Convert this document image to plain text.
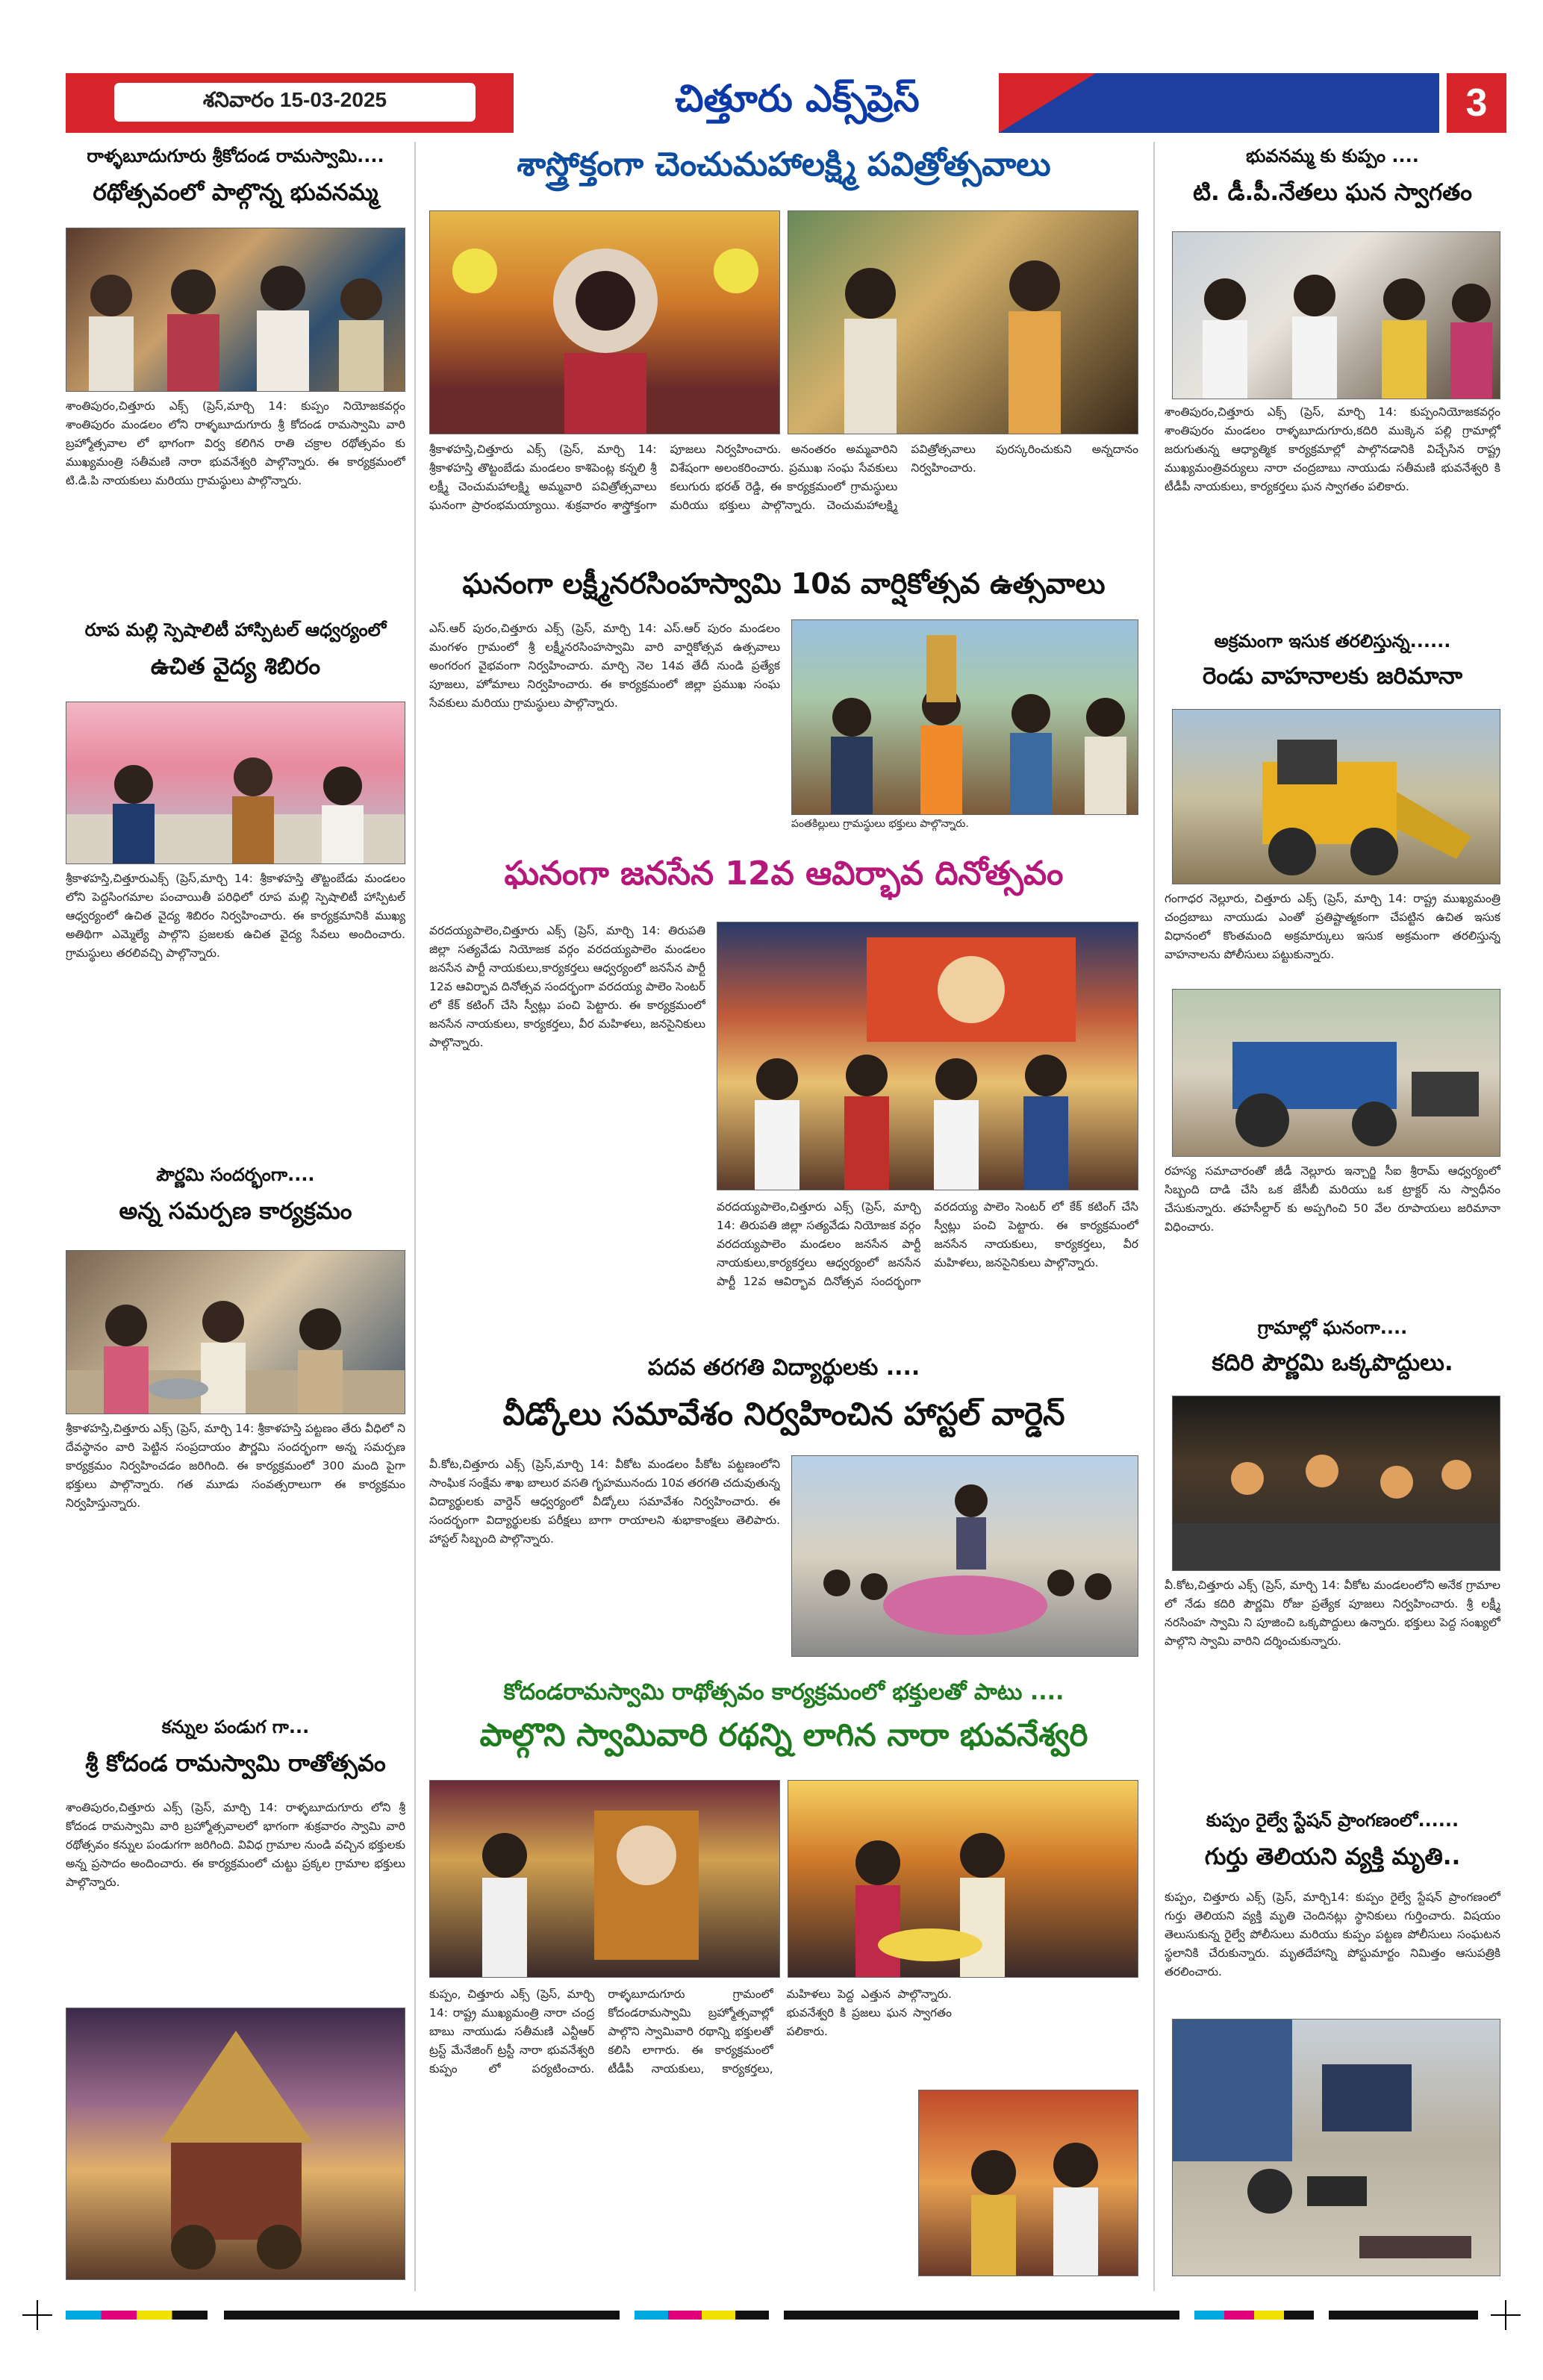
శనివారం 15-03-2025	చిత్తూరు ఎక్స్‌ప్రెస్	3
రాళ్ళబూదుగూరు శ్రీకోదండ రామస్వామి....
రథోత్సవంలో పాల్గొన్న భువనమ్మ
శాంతిపురం,చిత్తూరు ఎక్స్ (ప్రెస్,మార్చి 14: కుప్పం నియోజకవర్గం శాంతిపురం మండలం లోని రాళ్ళబూదుగూరు శ్రీ కోదండ రామస్వామి వారి బ్రహ్మోత్సవాల లో భాగంగా విర్వ కలిగిన రాతి చక్రాల రథోత్సవం కు ముఖ్యమంత్రి సతీమణి నారా భువనేశ్వరి పాల్గొన్నారు. ఈ కార్యక్రమంలో టి.డి.పి నాయకులు మరియు గ్రామస్థులు పాల్గొన్నారు.
రూప మల్లి స్పెషాలిటీ హాస్పిటల్ ఆధ్వర్యంలో
ఉచిత వైద్య శిబిరం
శ్రీకాళహస్తి,చిత్తూరుఎక్స్ (ప్రెస్,మార్చి 14: శ్రీకాళహస్తి తొట్టంబేడు మండలం లోని పెద్దసింగమాల పంచాయితీ పరిధిలో రూప మల్లి స్పెషాలిటీ హాస్పిటల్ ఆధ్వర్యంలో ఉచిత వైద్య శిబిరం నిర్వహించారు. ఈ కార్యక్రమానికి ముఖ్య అతిథిగా ఎమ్మెల్యే పాల్గొని ప్రజలకు ఉచిత వైద్య సేవలు అందించారు. గ్రామస్థులు తరలివచ్చి పాల్గొన్నారు.
పౌర్ణమి సందర్భంగా....
అన్న సమర్పణ కార్యక్రమం
శ్రీకాళహస్తి,చిత్తూరు ఎక్స్ (ప్రెస్, మార్చి 14: శ్రీకాళహస్తి పట్టణం తేరు వీధిలో ని దేవస్థానం వారి పెట్టిన సంప్రదాయం పౌర్ణమి సందర్భంగా అన్న సమర్పణ కార్యక్రమం నిర్వహించడం జరిగింది. ఈ కార్యక్రమంలో 300 మంది పైగా భక్తులు పాల్గొన్నారు. గత మూడు సంవత్సరాలుగా ఈ కార్యక్రమం నిర్వహిస్తున్నారు.
కన్నుల పండుగ గా...
శ్రీ కోదండ రామస్వామి రాతోత్సవం
శాంతిపురం,చిత్తూరు ఎక్స్ (ప్రెస్, మార్చి 14: రాళ్ళబూదుగూరు లోని శ్రీ కోదండ రామస్వామి వారి బ్రహ్మోత్సవాలలో భాగంగా శుక్రవారం స్వామి వారి రథోత్సవం కన్నుల పండుగగా జరిగింది. వివిధ గ్రామాల నుండి వచ్చిన భక్తులకు అన్న ప్రసాదం అందించారు. ఈ కార్యక్రమంలో చుట్టు ప్రక్కల గ్రామాల భక్తులు పాల్గొన్నారు.
శాస్త్రోక్తంగా చెంచుమహాలక్ష్మి పవిత్రోత్సవాలు
శ్రీకాళహస్తి,చిత్తూరు ఎక్స్ (ప్రెస్, మార్చి 14: శ్రీకాళహస్తి తొట్టంబేడు మండలం కాశిపెంట్ల కన్నలి శ్రీ లక్ష్మీ చెంచుమహాలక్ష్మి అమ్మవారి పవిత్రోత్సవాలు ఘనంగా ప్రారంభమయ్యాయి. శుక్రవారం శాస్త్రోక్తంగా పూజలు నిర్వహించారు. అనంతరం అమ్మవారిని విశేషంగా అలంకరించారు. ప్రముఖ సంఘ సేవకులు కలుగురు భరత్ రెడ్డి, ఈ కార్యక్రమంలో గ్రామస్థులు మరియు భక్తులు పాల్గొన్నారు. చెంచుమహాలక్ష్మి పవిత్రోత్సవాలు పురస్కరించుకుని అన్నదానం నిర్వహించారు.
ఘనంగా లక్ష్మీనరసింహస్వామి 10వ వార్షికోత్సవ ఉత్సవాలు
ఎస్.ఆర్ పురం,చిత్తూరు ఎక్స్ (ప్రెస్, మార్చి 14: ఎస్.ఆర్ పురం మండలం మంగళం గ్రామంలో శ్రీ లక్ష్మీనరసింహస్వామి వారి వార్షికోత్సవ ఉత్సవాలు అంగరంగ వైభవంగా నిర్వహించారు. మార్చి నెల 14వ తేదీ నుండి ప్రత్యేక పూజలు, హోమాలు నిర్వహించారు. ఈ కార్యక్రమంలో జిల్లా ప్రముఖ సంఘ సేవకులు మరియు గ్రామస్థులు పాల్గొన్నారు.
పంతకిల్లులు గ్రామస్థులు భక్తులు పాల్గొన్నారు.
ఘనంగా జనసేన 12వ ఆవిర్భావ దినోత్సవం
వరదయ్యపాలెం,చిత్తూరు ఎక్స్ (ప్రెస్, మార్చి 14: తిరుపతి జిల్లా సత్యవేడు నియోజక వర్గం వరదయ్యపాలెం మండలం జనసేన పార్టీ నాయకులు,కార్యకర్తలు ఆధ్వర్యంలో జనసేన పార్టీ 12వ ఆవిర్భావ దినోత్సవ సందర్భంగా వరదయ్య పాలెం సెంటర్ లో కేక్ కటింగ్ చేసి స్వీట్లు పంచి పెట్టారు. ఈ కార్యక్రమంలో జనసేన నాయకులు, కార్యకర్తలు, వీర మహిళలు, జనసైనికులు పాల్గొన్నారు.
వరదయ్యపాలెం,చిత్తూరు ఎక్స్ (ప్రెస్, మార్చి 14: తిరుపతి జిల్లా సత్యవేడు నియోజక వర్గం వరదయ్యపాలెం మండలం జనసేన పార్టీ నాయకులు,కార్యకర్తలు ఆధ్వర్యంలో జనసేన పార్టీ 12వ ఆవిర్భావ దినోత్సవ సందర్భంగా వరదయ్య పాలెం సెంటర్ లో కేక్ కటింగ్ చేసి స్వీట్లు పంచి పెట్టారు. ఈ కార్యక్రమంలో జనసేన నాయకులు, కార్యకర్తలు, వీర మహిళలు, జనసైనికులు పాల్గొన్నారు.
పదవ తరగతి విద్యార్థులకు ....
వీడ్కోలు సమావేశం నిర్వహించిన హాస్టల్ వార్డెన్
వీ.కోట,చిత్తూరు ఎక్స్ (ప్రెస్,మార్చి 14: వీకోట మండలం పీకోట పట్టణంలోని సాంఘిక సంక్షేమ శాఖ బాలుర వసతి గృహమునందు 10వ తరగతి చదువుతున్న విద్యార్థులకు వార్డెన్ ఆధ్వర్యంలో వీడ్కోలు సమావేశం నిర్వహించారు. ఈ సందర్భంగా విద్యార్థులకు పరీక్షలు బాగా రాయాలని శుభాకాంక్షలు తెలిపారు. హాస్టల్ సిబ్బంది పాల్గొన్నారు.
కోదండరామస్వామి రాథోత్సవం కార్యక్రమంలో భక్తులతో పాటు ....
పాల్గొని స్వామివారి రథన్ని లాగిన నారా భువనేశ్వరి
కుప్పం, చిత్తూరు ఎక్స్ (ప్రెస్, మార్చి 14: రాష్ట్ర ముఖ్యమంత్రి నారా చంద్ర బాబు నాయుడు సతీమణి ఎన్టీఆర్ ట్రస్ట్ మేనేజింగ్ ట్రస్టీ నారా భువనేశ్వరి కుప్పం లో పర్యటించారు. రాళ్ళబూదుగూరు గ్రామంలో కోదండరామస్వామి బ్రహ్మోత్సవాల్లో పాల్గొని స్వామివారి రథాన్ని భక్తులతో కలిసి లాగారు. ఈ కార్యక్రమంలో టీడీపీ నాయకులు, కార్యకర్తలు, మహిళలు పెద్ద ఎత్తున పాల్గొన్నారు. భువనేశ్వరి కి ప్రజలు ఘన స్వాగతం పలికారు.
భువనమ్మ కు కుప్పం ....
టి. డీ.పీ.నేతలు ఘన స్వాగతం
శాంతిపురం,చిత్తూరు ఎక్స్ (ప్రెస్, మార్చి 14: కుప్పంనియోజకవర్గం శాంతిపురం మండలం రాళ్ళబూదుగూరు,కదిరి ముక్కెన పల్లి గ్రామాల్లో జరుగుతున్న ఆధ్యాత్మిక కార్యక్రమాల్లో పాల్గొనడానికి విచ్చేసిన రాష్ట్ర ముఖ్యమంత్రివర్యులు నారా చంద్రబాబు నాయుడు సతీమణి భువనేశ్వరి కి టీడీపీ నాయకులు, కార్యకర్తలు ఘన స్వాగతం పలికారు.
అక్రమంగా ఇసుక తరలిస్తున్న......
రెండు వాహనాలకు జరిమానా
గంగాధర నెల్లూరు, చిత్తూరు ఎక్స్ (ప్రెస్, మార్చి 14: రాష్ట్ర ముఖ్యమంత్రి చంద్రబాబు నాయుడు ఎంతో ప్రతిష్టాత్మకంగా చేపట్టిన ఉచిత ఇసుక విధానంలో కొంతమంది అక్రమార్కులు ఇసుక అక్రమంగా తరలిస్తున్న వాహనాలను పోలీసులు పట్టుకున్నారు.
రహస్య సమాచారంతో జీడీ నెల్లూరు ఇన్చార్జి సీఐ శ్రీరామ్ ఆధ్వర్యంలో సిబ్బంది దాడి చేసి ఒక జేసీబీ మరియు ఒక ట్రాక్టర్ ను స్వాధీనం చేసుకున్నారు. తహసీల్దార్ కు అప్పగించి 50 వేల రూపాయలు జరిమానా విధించారు.
గ్రామాల్లో ఘనంగా....
కదిరి పౌర్ణమి ఒక్కపొద్దులు.
వీ.కోట,చిత్తూరు ఎక్స్ (ప్రెస్, మార్చి 14: వీకోట మండలంలోని అనేక గ్రామాల లో నేడు కదిరి పౌర్ణమి రోజు ప్రత్యేక పూజలు నిర్వహించారు. శ్రీ లక్ష్మీ నరసింహ స్వామి ని పూజించి ఒక్కపొద్దులు ఉన్నారు. భక్తులు పెద్ద సంఖ్యలో పాల్గొని స్వామి వారిని దర్శించుకున్నారు.
కుప్పం రైల్వే స్టేషన్ ప్రాంగణంలో......
గుర్తు తెలియని వ్యక్తి మృతి..
కుప్పం, చిత్తూరు ఎక్స్ (ప్రెస్, మార్చి14: కుప్పం రైల్వే స్టేషన్ ప్రాంగణంలో గుర్తు తెలియని వ్యక్తి మృతి చెందినట్లు స్థానికులు గుర్తించారు. విషయం తెలుసుకున్న రైల్వే పోలీసులు మరియు కుప్పం పట్టణ పోలీసులు సంఘటన స్థలానికి చేరుకున్నారు. మృతదేహాన్ని పోస్టుమార్టం నిమిత్తం ఆసుపత్రికి తరలించారు.
